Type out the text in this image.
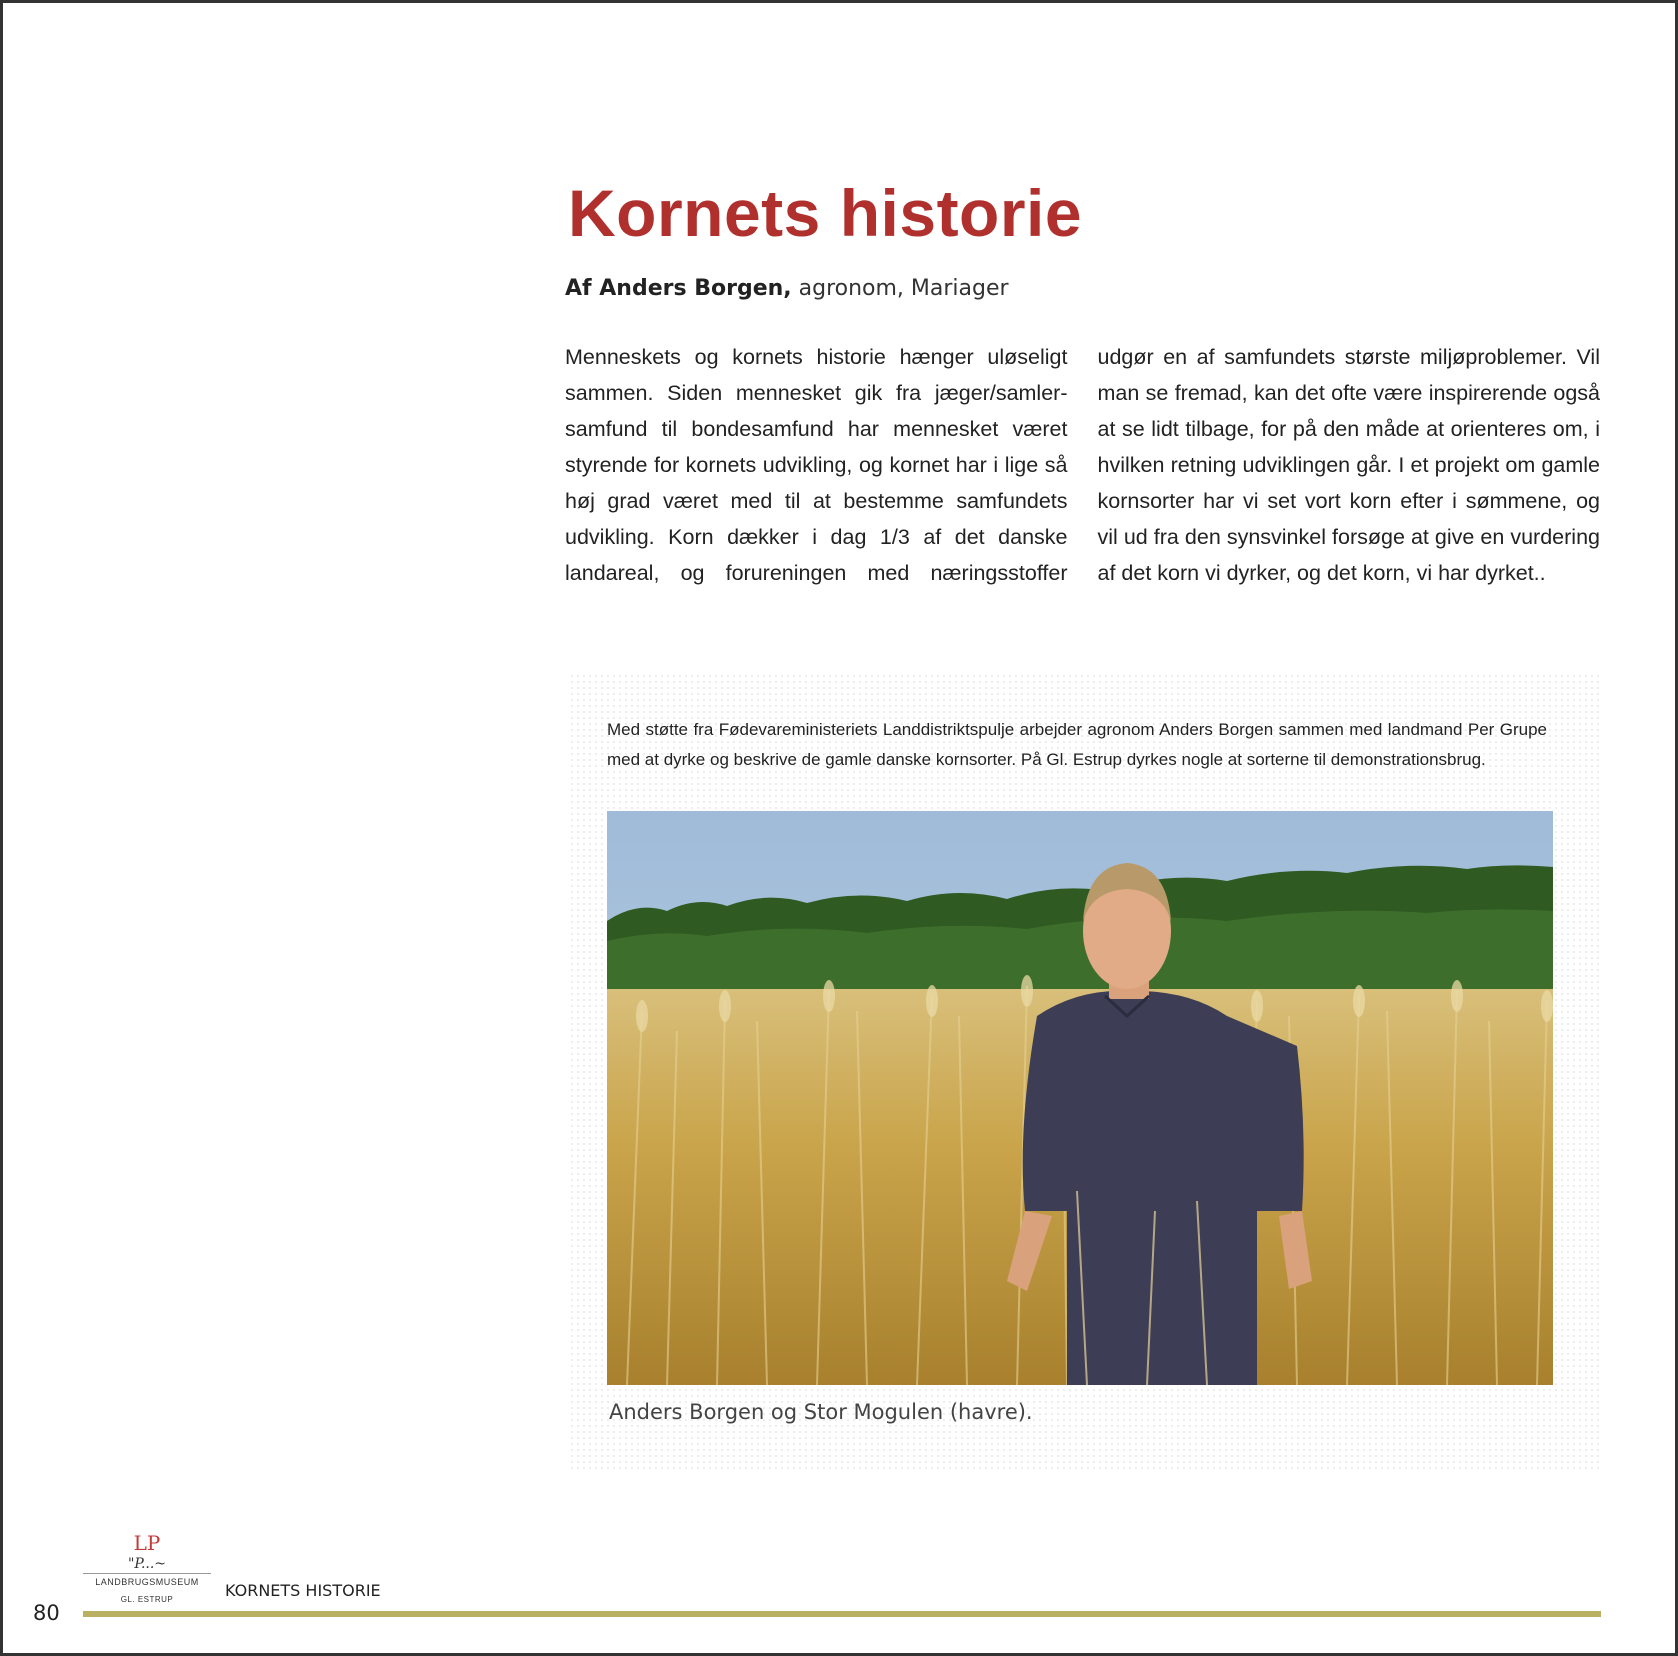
Kornets historie
Af Anders Borgen, agronom, Mariager

Menneskets og kornets historie hænger uløseligt sammen. Siden mennesket gik fra jæger/samler-samfund til bondesamfund har mennesket været styrende for kornets udvikling, og kornet har i lige så høj grad været med til at bestemme samfundets udvikling. Korn dækker i dag 1/3 af det danske landareal, og forureningen med næringsstoffer udgør en af samfundets største miljøproblemer. Vil man se fremad, kan det ofte være inspirerende også at se lidt tilbage, for på den måde at orienteres om, i hvilken retning udviklingen går. I et projekt om gamle kornsorter har vi set vort korn efter i sømmene, og vil ud fra den synsvinkel forsøge at give en vurdering af det korn vi dyrker, og det korn, vi har dyrket..

Med støtte fra Fødevareministeriets Landdistriktspulje arbejder agronom Anders Borgen sammen med landmand Per Grupe med at dyrke og beskrive de gamle danske kornsorter. På Gl. Estrup dyrkes nogle at sorterne til demonstrationsbrug.
Anders Borgen og Stor Mogulen (havre).
LP
"P...~
LANDBRUGSMUSEUM
GL. ESTRUP	KORNETS HISTORIE
80
